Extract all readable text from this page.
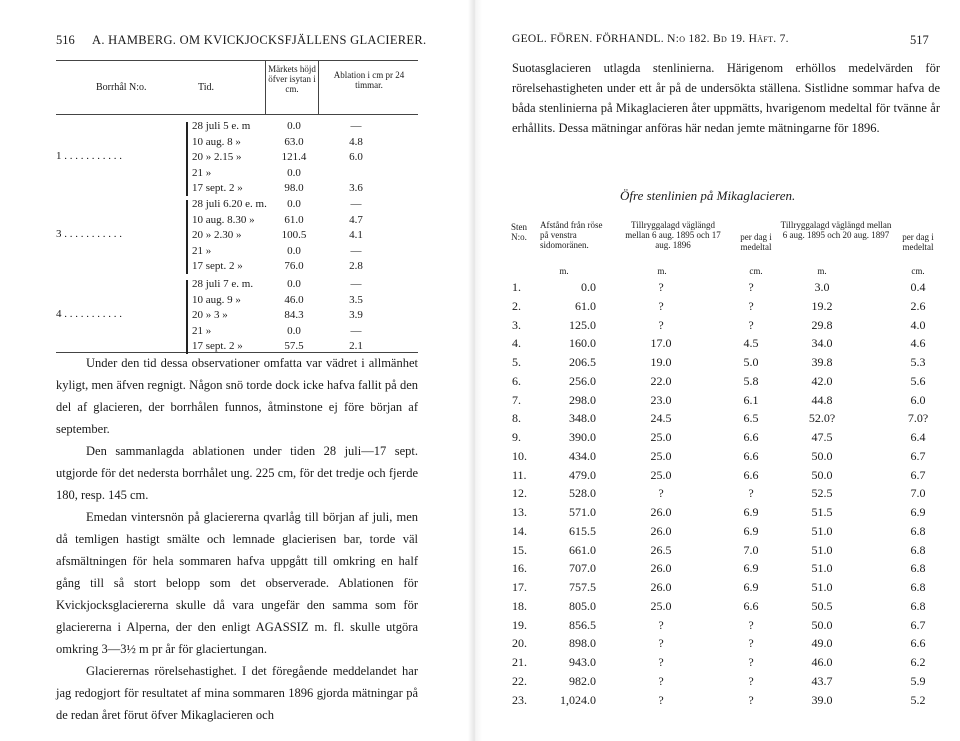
516 A. HAMBERG. OM KVICKJOCKSFJÄLLENS GLACIERER.
Borrhål N:o.	Tid.
Märkets höjd öfver isytan i cm.
Ablation i cm pr 24 timmar.
1 . . . . . . . . . . .
28 juli 5 e. m	0.0	—
10 aug. 8 »	63.0	4.8
20 » 2.15 »	121.4	6.0
21 »	0.0
17 sept. 2 »	98.0	3.6
3 . . . . . . . . . . .
28 juli 6.20 e. m.	0.0	—
10 aug. 8.30 »	61.0	4.7
20 » 2.30 »	100.5	4.1
21 »	0.0	—
17 sept. 2 »	76.0	2.8
4 . . . . . . . . . . .
28 juli 7 e. m.	0.0	—
10 aug. 9 »	46.0	3.5
20 » 3 »	84.3	3.9
21 »	0.0	—
17 sept. 2 »	57.5	2.1

Under den tid dessa observationer omfatta var vädret i allmänhet kyligt, men äfven regnigt. Någon snö torde dock icke hafva fallit på den del af glacieren, der borrhålen funnos, åtminstone ej före början af september.

Den sammanlagda ablationen under tiden 28 juli—17 sept. utgjorde för det nedersta borrhålet ung. 225 cm, för det tredje och fjerde 180, resp. 145 cm.

Emedan vintersnön på glaciererna qvarlåg till början af juli, men då temligen hastigt smälte och lemnade glacierisen bar, torde väl afsmältningen för hela sommaren hafva uppgått till omkring en half gång till så stort belopp som det observerade. Ablationen för Kvickjocksglaciererna skulle då vara ungefär den samma som för glaciererna i Alperna, der den enligt AGASSIZ m. fl. skulle utgöra omkring 3—3½ m pr år för glaciertungan.

Glacierernas rörelsehastighet. I det föregående meddelandet har jag redogjort för resultatet af mina sommaren 1896 gjorda mätningar på de redan året förut öfver Mikaglacieren och

GEOL. FÖREN. FÖRHANDL. N:o 182. Bd 19. Häft. 7.	517
Suotasglacieren utlagda stenlinierna. Härigenom erhöllos medelvärden för rörelsehastigheten under ett år på de undersökta ställena. Sistlidne sommar hafva de båda stenlinierna på Mikaglacieren åter uppmätts, hvarigenom medeltal för tvänne år erhållits. Dessa mätningar anföras här nedan jemte mätningarne för 1896.
Öfre stenlinien på Mikaglacieren.
Sten N:o.
Afstånd från röse på venstra sidomoränen.
Tillryggalagd väglängd mellan 6 aug. 1895 och 17 aug. 1896
per dag i medeltal
Tillryggalagd väglängd mellan 6 aug. 1895 och 20 aug. 1897	per dag i medeltal
m.	m.	cm.	m.	cm.
1.	0.0	?	?	3.0	0.4
2.	61.0	?	?	19.2	2.6
3.	125.0	?	?	29.8	4.0
4.	160.0	17.0	4.5	34.0	4.6
5.	206.5	19.0	5.0	39.8	5.3
6.	256.0	22.0	5.8	42.0	5.6
7.	298.0	23.0	6.1	44.8	6.0
8.	348.0	24.5	6.5	52.0?	7.0?
9.	390.0	25.0	6.6	47.5	6.4
10.	434.0	25.0	6.6	50.0	6.7
11.	479.0	25.0	6.6	50.0	6.7
12.	528.0	?	?	52.5	7.0
13.	571.0	26.0	6.9	51.5	6.9
14.	615.5	26.0	6.9	51.0	6.8
15.	661.0	26.5	7.0	51.0	6.8
16.	707.0	26.0	6.9	51.0	6.8
17.	757.5	26.0	6.9	51.0	6.8
18.	805.0	25.0	6.6	50.5	6.8
19.	856.5	?	?	50.0	6.7
20.	898.0	?	?	49.0	6.6
21.	943.0	?	?	46.0	6.2
22.	982.0	?	?	43.7	5.9
23.	1,024.0	?	?	39.0	5.2
